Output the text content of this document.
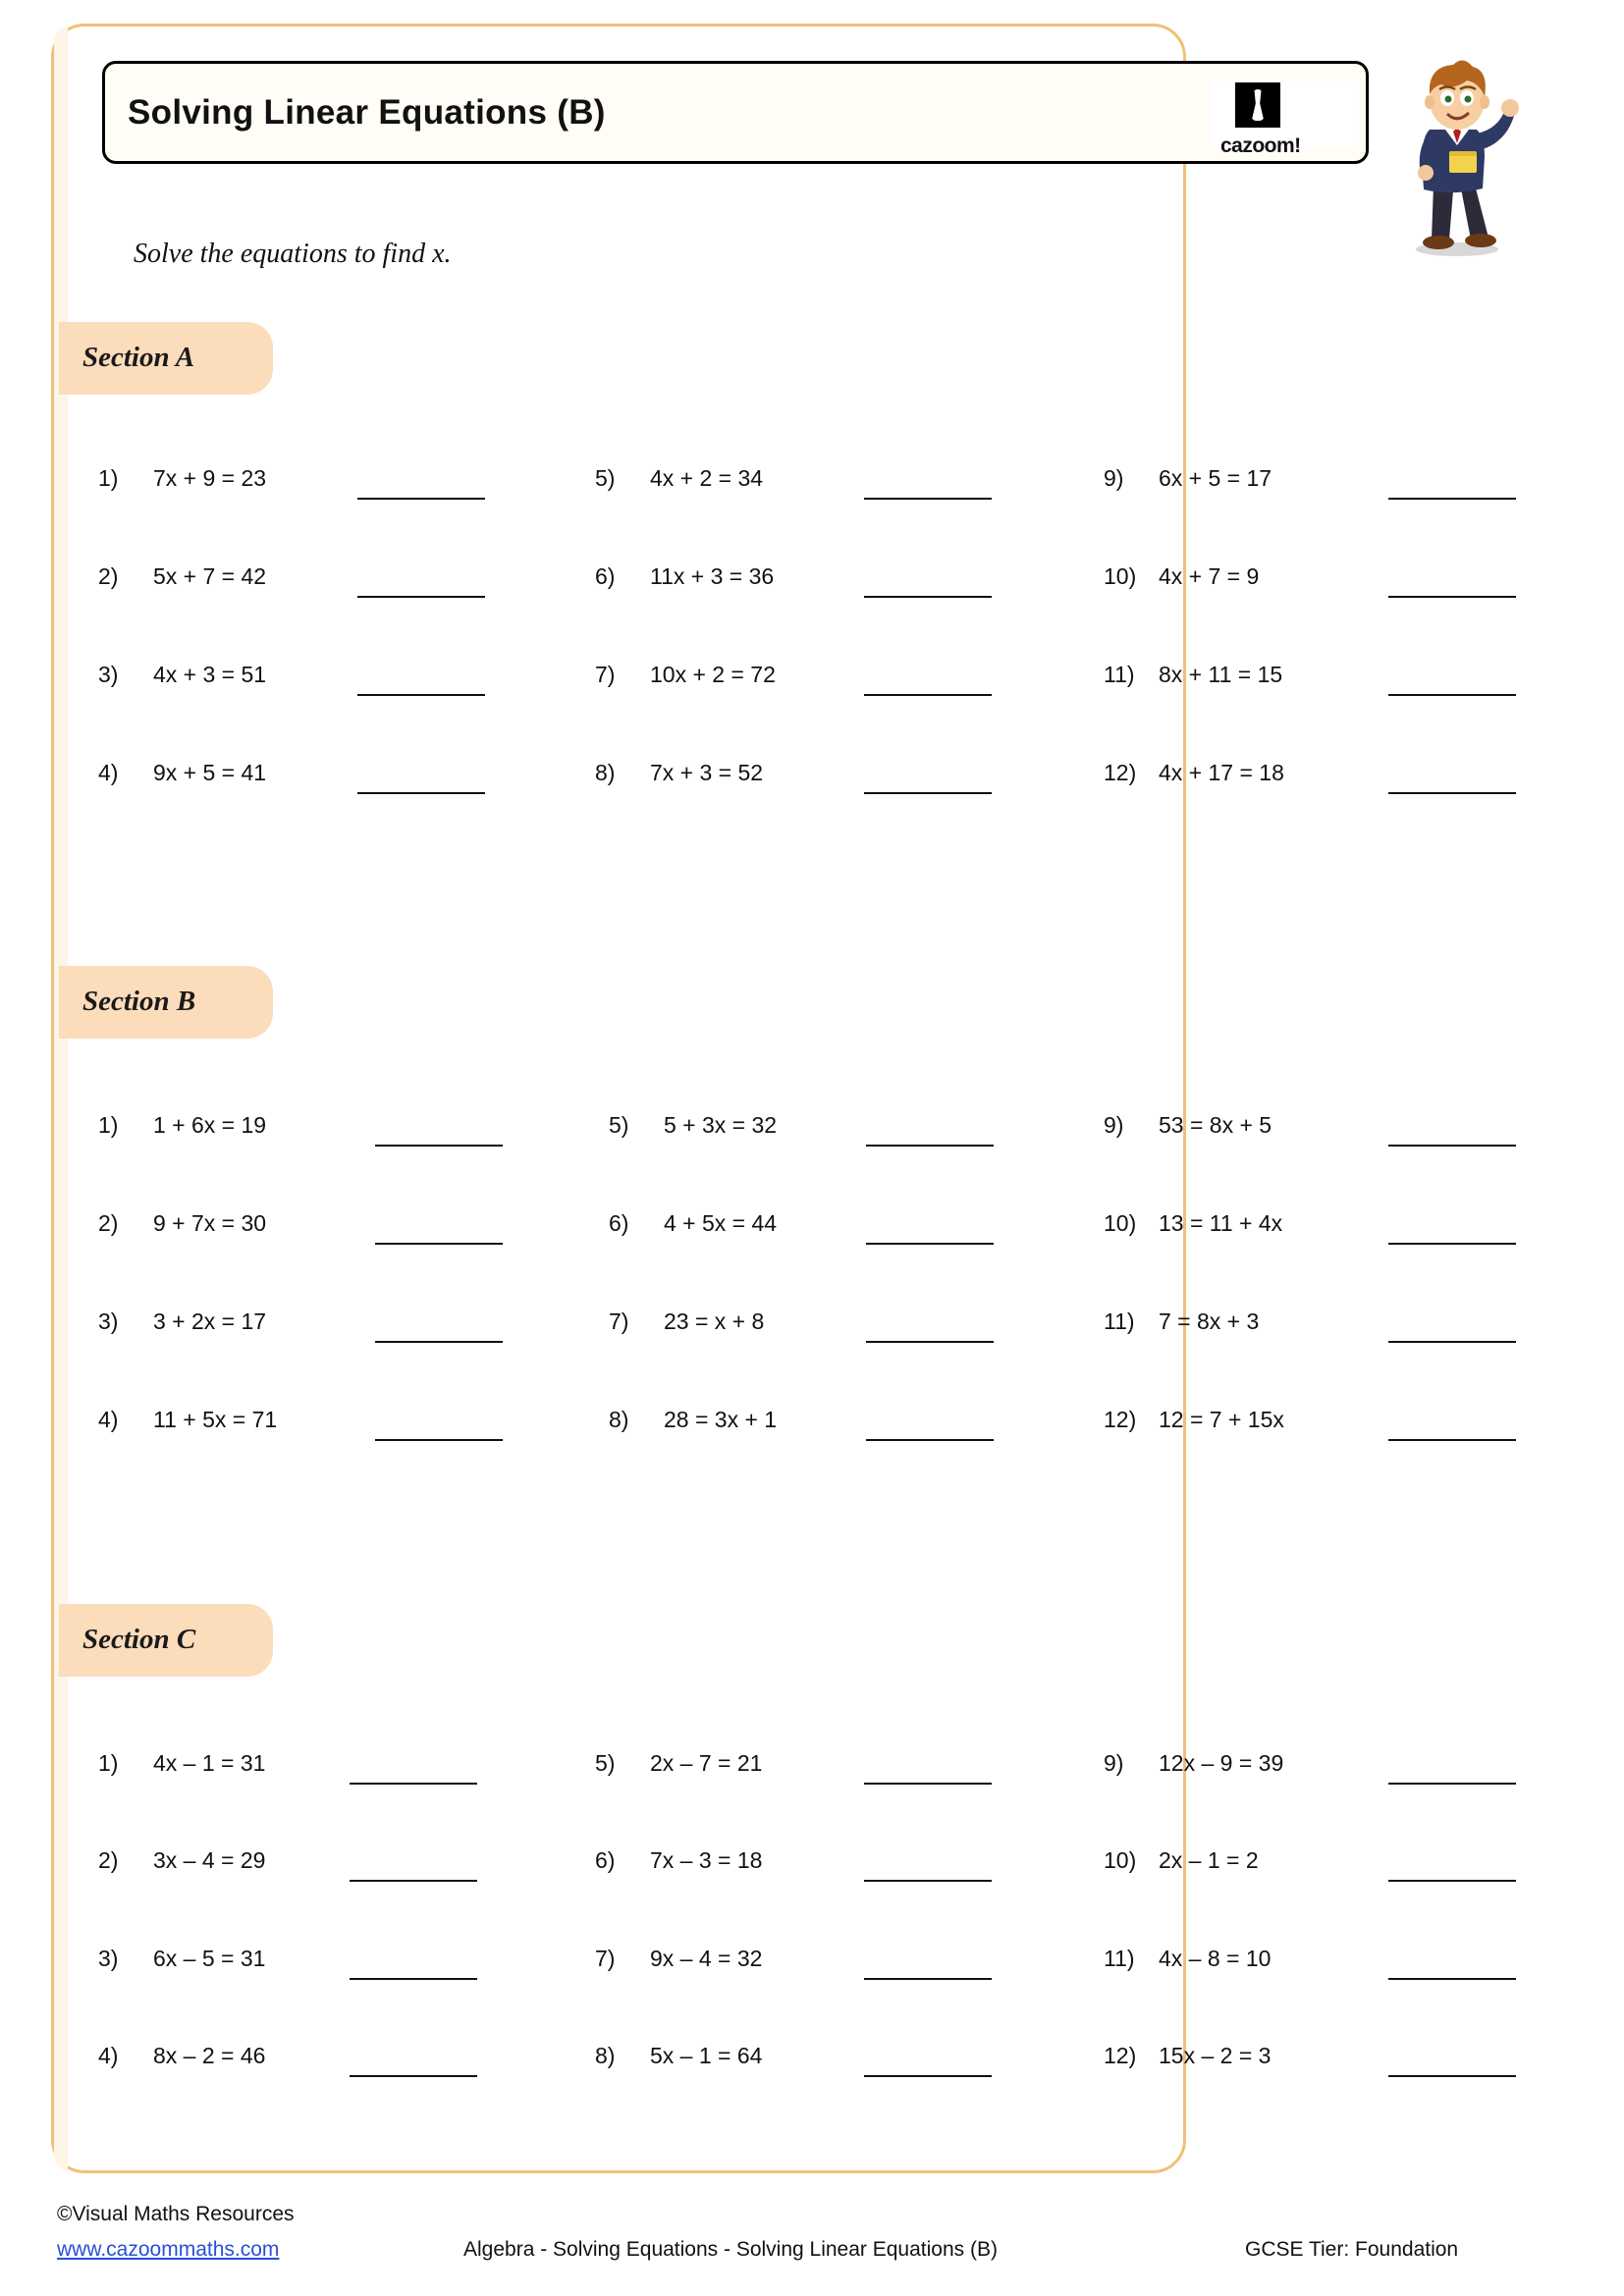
Solving Linear Equations (B)
cazoom!
Solve the equations to find x.
Section A
1)	7x + 9 = 23
2)	5x + 7 = 42
3)	4x + 3 = 51
4)	9x + 5 = 41
5)	4x + 2 = 34
6)	11x + 3 = 36
7)	10x + 2 = 72
8)	7x + 3 = 52
9)	6x + 5 = 17
10) 4x + 7 = 9
11)	8x + 11 = 15
12) 4x + 17 = 18
Section B
1)	1 + 6x = 19
2)	9 + 7x = 30
3)	3 + 2x = 17
4)	11 + 5x = 71
5)	5 + 3x = 32
6)	4 + 5x = 44
7)	23 = x + 8
8)	28 = 3x + 1
9)	53 = 8x + 5
10) 13 = 11 + 4x
11)	7 = 8x + 3
12) 12 = 7 + 15x
Section C
1)	4x – 1 = 31
2)	3x – 4 = 29
3)	6x – 5 = 31
4)	8x – 2 = 46
5)	2x – 7 = 21
6)	7x – 3 = 18
7)	9x – 4 = 32
8)	5x – 1 = 64
9)	12x – 9 = 39
10) 2x – 1 = 2
11)	4x – 8 = 10
12) 15x – 2 = 3
©Visual Maths Resources
www.cazoommaths.com	Algebra - Solving Equations - Solving Linear Equations (B)	GCSE Tier: Foundation
